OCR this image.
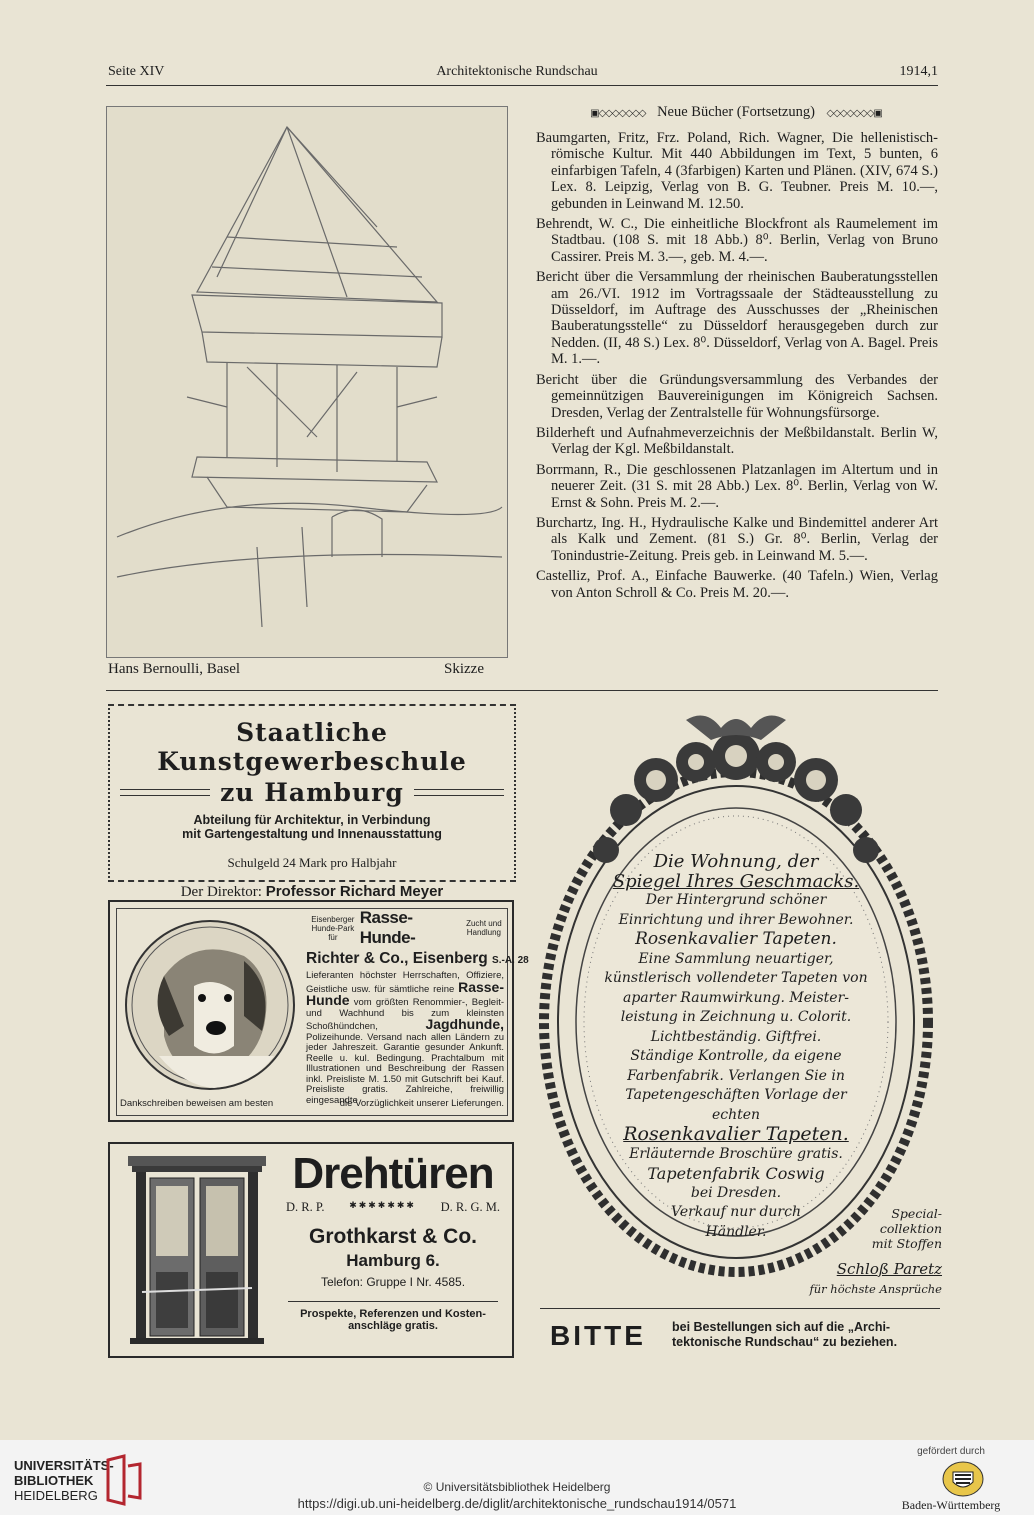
Seite XIV	Architektonische Rundschau	1914,1
Hans Bernoulli, Basel	Skizze
▣◇◇◇◇◇◇◇ Neue Bücher (Fortsetzung) ◇◇◇◇◇◇◇▣
Baumgarten, Fritz, Frz. Poland, Rich. Wagner, Die hellenistisch-römische Kultur. Mit 440 Abbildungen im Text, 5 bunten, 6 einfarbigen Tafeln, 4 (3farbigen) Karten und Plänen. (XIV, 674 S.) Lex. 8. Leipzig, Verlag von B. G. Teubner. Preis M. 10.—, gebunden in Leinwand M. 12.50.
Behrendt, W. C., Die einheitliche Blockfront als Raumelement im Stadtbau. (108 S. mit 18 Abb.) 8⁰. Berlin, Verlag von Bruno Cassirer. Preis M. 3.—, geb. M. 4.—.
Bericht über die Versammlung der rheinischen Bauberatungsstellen am 26./VI. 1912 im Vortragssaale der Städteausstellung zu Düsseldorf, im Auftrage des Ausschusses der „Rheinischen Bauberatungsstelle“ zu Düsseldorf herausgegeben durch zur Nedden. (II, 48 S.) Lex. 8⁰. Düsseldorf, Verlag von A. Bagel. Preis M. 1.—.
Bericht über die Gründungsversammlung des Verbandes der gemeinnützigen Bauvereinigungen im Königreich Sachsen. Dresden, Verlag der Zentralstelle für Wohnungsfürsorge.
Bilderheft und Aufnahmeverzeichnis der Meßbildanstalt. Berlin W, Verlag der Kgl. Meßbildanstalt.
Borrmann, R., Die geschlossenen Platzanlagen im Altertum und in neuerer Zeit. (31 S. mit 28 Abb.) Lex. 8⁰. Berlin, Verlag von W. Ernst & Sohn. Preis M. 2.—.
Burchartz, Ing. H., Hydraulische Kalke und Bindemittel anderer Art als Kalk und Zement. (81 S.) Gr. 8⁰. Berlin, Verlag der Tonindustrie-Zeitung. Preis geb. in Leinwand M. 5.—.
Castelliz, Prof. A., Einfache Bauwerke. (40 Tafeln.) Wien, Verlag von Anton Schroll & Co. Preis M. 20.—.
Staatliche Kunstgewerbeschule
zu Hamburg
Abteilung für Architektur, in Verbindung
mit Gartengestaltung und Innenausstattung
Schulgeld 24 Mark pro Halbjahr
Der Direktor: Professor Richard Meyer
Eisenberger Hunde-Park für
Rasse-Hunde-
Zucht und Handlung
Richter & Co., Eisenberg S.-A. 28
Lieferanten höchster Herrschaften, Offiziere, Geistliche usw. für sämtliche reine Rasse-Hunde vom größten Renommier-, Begleit- und Wachhund bis zum kleinsten Schoßhündchen,	Jagdhunde, Polizeihunde. Versand nach allen Ländern zu jeder Jahreszeit. Garantie gesunder Ankunft. Reelle u. kul. Bedingung. Prachtalbum mit Illustrationen und Beschreibung der Rassen inkl. Preisliste M. 1.50 mit Gutschrift bei Kauf. Preisliste gratis. Zahlreiche, freiwillig eingesandte
Dankschreiben beweisen am besten	die Vorzüglichkeit unserer Lieferungen.
Drehtüren
D. R. P.	✱✱✱✱✱✱✱ D. R. G. M.
Grothkarst & Co.
Hamburg 6.
Telefon: Gruppe I Nr. 4585.
Prospekte, Referenzen und Kosten-
anschläge gratis.
Die Wohnung, der
Spiegel Ihres Geschmacks.
Der Hintergrund schöner
Einrichtung und ihrer Bewohner.
Rosenkavalier Tapeten.
Eine Sammlung neuartiger,
künstlerisch vollendeter Tapeten von
aparter Raumwirkung. Meister-
leistung in Zeichnung u. Colorit.
Lichtbeständig. Giftfrei.
Ständige Kontrolle, da eigene
Farbenfabrik. Verlangen Sie in
Tapetengeschäften Vorlage der
echten
Rosenkavalier Tapeten.
Erläuternde Broschüre gratis.
Tapetenfabrik Coswig
bei Dresden.
Verkauf nur durch
Händler.
Special-
collektion
mit Stoffen
Schloß Paretz
für höchste Ansprüche
BITTE bei Bestellungen sich auf die „Archi-
tektonische Rundschau“ zu beziehen.
UNIVERSITÄTS-
BIBLIOTHEK
HEIDELBERG
© Universitätsbibliothek Heidelberg
https://digi.ub.uni-heidelberg.de/diglit/architektonische_rundschau1914/0571
gefördert durch
Baden-Württemberg
